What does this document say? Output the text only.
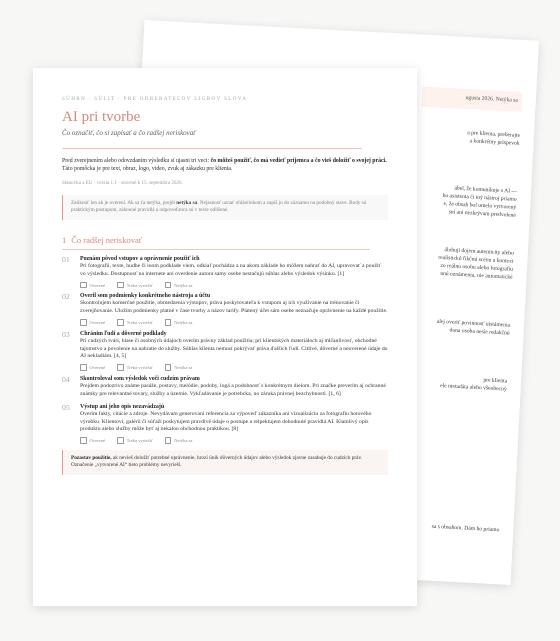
ugusta 2026. Netýka sa
a pre klienta, preberajte
a konkrétny príspevok
ábel, že komunikuje s AI —
ho asistenta či iný nástroj priamo
e, že obsah bol umelo vytvorený
sní ani nezkrývam predvolené
álohují dojem autenticity alebo
realistickú fikčnú scénu a kontext
zo reálnu osobu alebo fotografiu
nnú oznámenia, nie automatické
alej overiť povinnosť uistámenia
dona osoba nesie redakčnú
pre klienta
ele metadáta alebo všeobecný
sa s obsahom. Dám ho priamo
SÚHRN · SÚLIT · PRE ODBERATEĽOV LIGROV SLOVA
AI pri tvorbe
Čo označiť, čo si zapísať a čo radšej neriskovať
Pred zverejnením alebo odovzdaním výsledku si ujasni tri veci: čo môžeš použiť, čo má vedieť príjemca a čo vieš doložiť o svojej práci. Táto pomôcka je pre text, obraz, logo, video, zvuk aj zákazku pre klienta.
Stanovka a EU · verzia 1.1 · stavené k 15. septembra 2026.
Zatiknúť len ak je overení. Ak sa ťa netýka, prejdi netýka sa. Nejasnosť uznať ohlánímkom a zapíš ju do záznamu na podobný stave. Body sú praktickým postupom, zákonné pravidlá a odpoveďanca sú v texte odlišené.
1 Čo radšej neriskovať
01	Poznám pôvod vstupov a oprávnenie použiť ich
Pri fotografii, texte, hudbe či inom podklade viem, odkiaľ pochádza a na akom základe ho môžem nahrať do AI, upravovať a použiť vo výsledku. Dostupnosť na internete ani overdenie autora samy osebe nestačujú súhlas alebo výsledok výsinku. [1]
Overené	Treba vyriešiť	Netýka sa
02	Overil som podmienky konkrétneho nástroja a účtu
Skontrolujem komerčné použitie, obmedzenia výstupov, práva poskytovateľa k vstupom aj ich využívanie na trénovanie či zverejňovanie. Uložím podmienky platné v čase tvorby a názov tarify. Platený účet sám osebe neznačuje oprávnenie na každé použitie.
Overené	Treba vyriešiť	Netýka sa
03	Chránim ľudí a dôverné podklady
Pri cudzých tvári, hlase či osobných údajoch overím právny základ použitia; pri klientských materiáloch aj mlčanlivosť, obchodné tajomstvo a povolenie na nahratie do služby. Súhlas klienta nemusí pokrývať práva ďalších ľudí. Citlivé, dôverné a neoverené údaje do AI nekladiám. [4, 5]
Overené	Treba vyriešiť	Netýka sa
04	Skontroloval som výsledok voči cudzím právam
Prejdem podozrivo známe pasáže, postavy, melódie, podoby, logá a podobnosť s konkrétnym dielom. Pri značke preverím aj ochranné známky pre relevantné tovary, služby a územie. Vykľadávanie je potrebcka, no záruka právnej bezchybnosti. [1, 6]
05	Výstup ani jeho opis nezavádzajú
Overím fakty, citácie a zdroje. Nevydávam generovaní referencia za výpoveď zákazníka ani vizualizáciu za fotografiu hotového výrobku. Klientovi, galérii či súťaži poskytujem pravdivé údaje o postupe a relpektujem dohodnuté pravidlá AI. Klamlivý opis produktu alebo služby môže byť aj nekalou obchodnou praktikou. [8]
Overené	Treba vyriešiť	Netýka sa
Pozastav použitie, ak nevieš doložiť potrebné oprávnenie, hrozí únik dôverných údajov alebo výsledok zjavne zasahuje do cudzích práv. Označenie „vytvorené AI“ tieto problémy nevyrieší.
